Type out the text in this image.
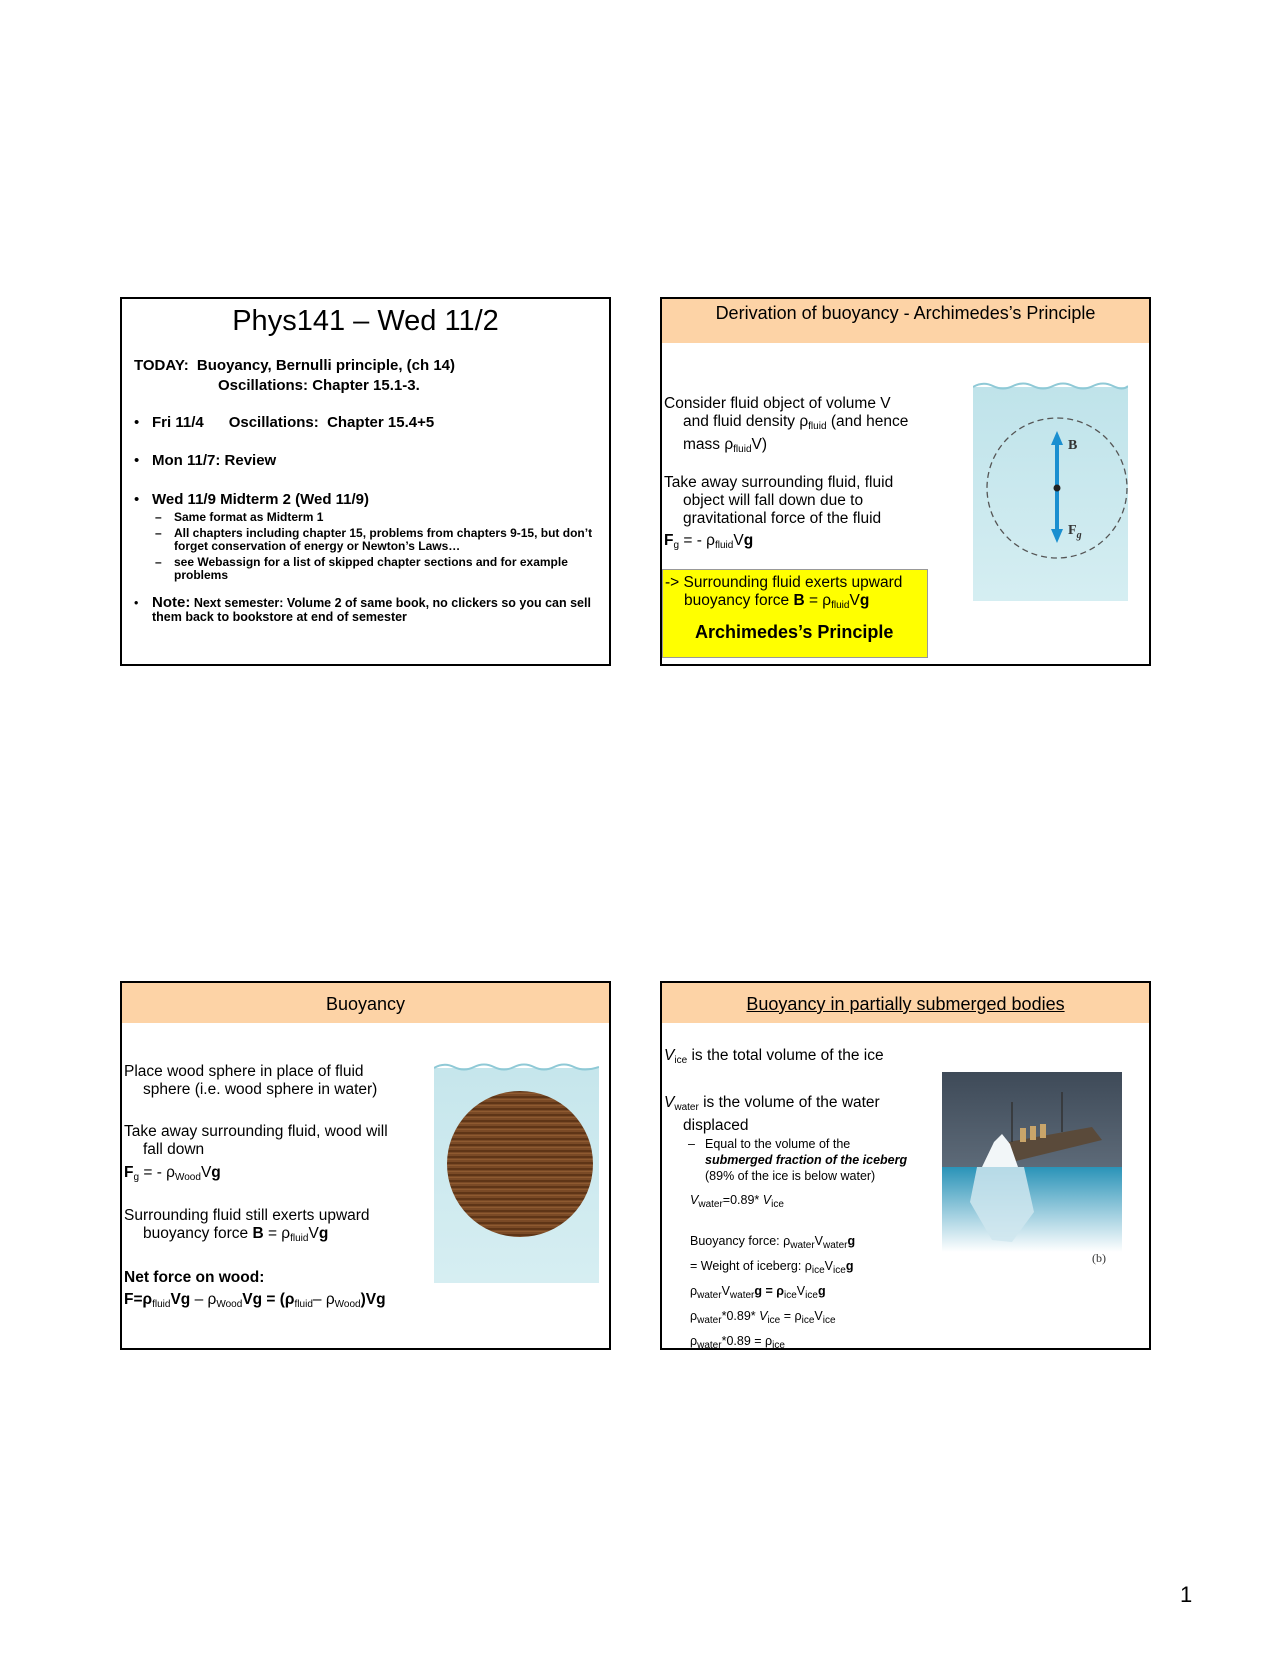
Phys141 – Wed 11/2
TODAY: Buoyancy, Bernulli principle, (ch 14)
Oscillations: Chapter 15.1-3.
• Fri 11/4      Oscillations:  Chapter 15.4+5
• Mon 11/7: Review
• Wed 11/9 Midterm 2 (Wed 11/9)
– Same format as Midterm 1
– All chapters including chapter 15, problems from chapters 9-15, but don’t forget conservation of energy or Newton’s Laws…
– see Webassign for a list of skipped chapter sections and for example problems
• Note: Next semester: Volume 2 of same book, no clickers so you can sell them back to bookstore at end of semester
Derivation of buoyancy - Archimedes’s Principle
Consider fluid object of volume V
and fluid density $\rho_{fluid}$ (and hence
mass $\rho_{fluid}V$)
Take away surrounding fluid, fluid
object will fall down due to
gravitational force of the fluid
$F_g$ = - $\rho_{fluid}Vg$
-> Surrounding fluid exerts upward
buoyancy force $B = \rho_{fluid}Vg$
Archimedes’s Principle
B
$F_g$
Buoyancy
Place wood sphere in place of fluid
sphere (i.e. wood sphere in water)
Take away surrounding fluid, wood will
fall down
$F_g$ = - $\rho_{Wood}Vg$
Surrounding fluid still exerts upward
buoyancy force $B = \rho_{fluid}Vg$
Net force on wood:
$F=\rho_{fluid}Vg - \rho_{Wood}Vg = (\rho_{fluid}-$ $\rho_{Wood})Vg$
Buoyancy in partially submerged bodies
$V_{ice}$ is the total volume of the ice
$V_{water}$ is the volume of the water
displaced
– Equal to the volume of the
submerged fraction of the iceberg
(89% of the ice is below water)
$V_{water}=0.89*$ $V_{ice}$
Buoyancy force: $\rho_{water}V_{water}g$
= Weight of iceberg: $\rho_{ice}V_{ice}g$
$\rho_{water}V_{water}g = \rho_{ice}V_{ice}g$
$\rho_{water}*0.89*$ $V_{ice} = \rho_{ice}V_{ice}$
$\rho_{water}*0.89 = \rho_{ice}$
(b)
1
